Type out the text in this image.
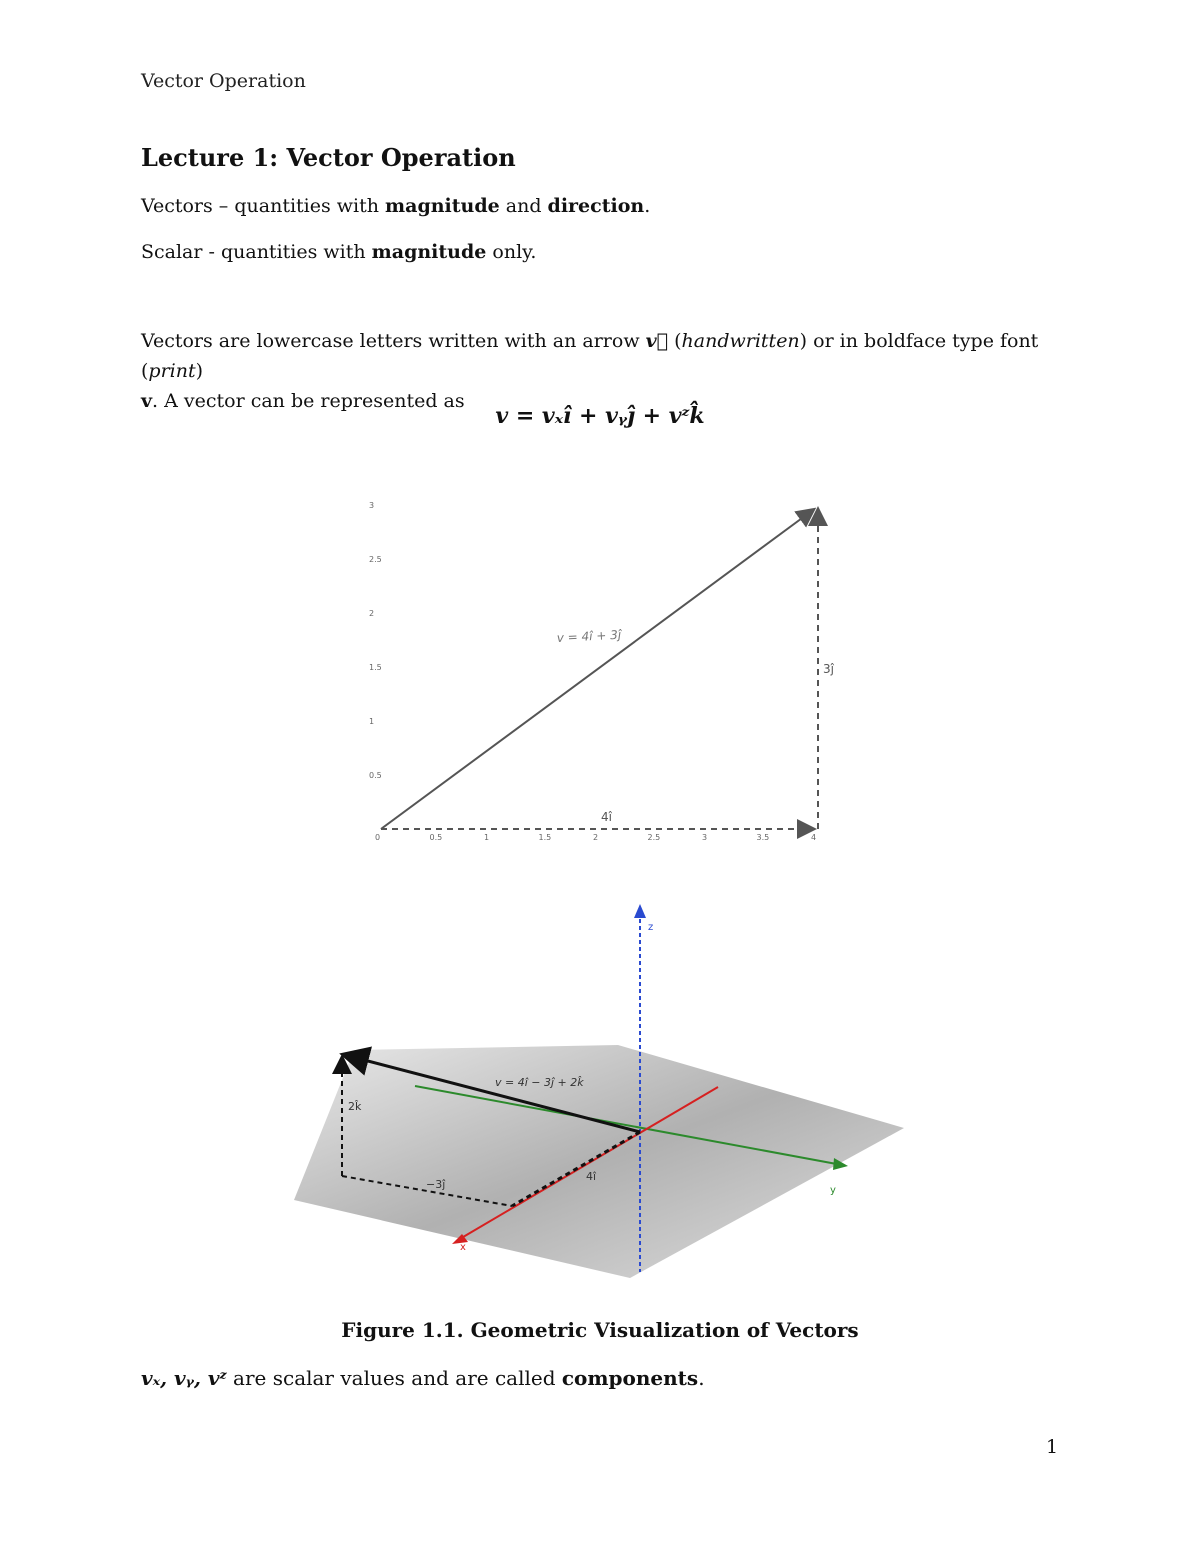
Vector Operation
Lecture 1: Vector Operation
Vectors – quantities with magnitude and direction.
Scalar - quantities with magnitude only.
Vectors are lowercase letters written with an arrow v⃗ (handwritten) or in boldface type font (print)
v. A vector can be represented as
v = vₓî + vᵧĵ + vᶻk̂
0	0.5	1	1.5	2	2.5	3	3.5	4
0.5
1
1.5
2
2.5
3
v = 4î + 3ĵ
3ĵ
4î
z
y
x
v = 4î − 3ĵ + 2k̂
2k̂
−3ĵ
4î
Figure 1.1. Geometric Visualization of Vectors
vₓ, vᵧ, vᶻ are scalar values and are called components.
1
